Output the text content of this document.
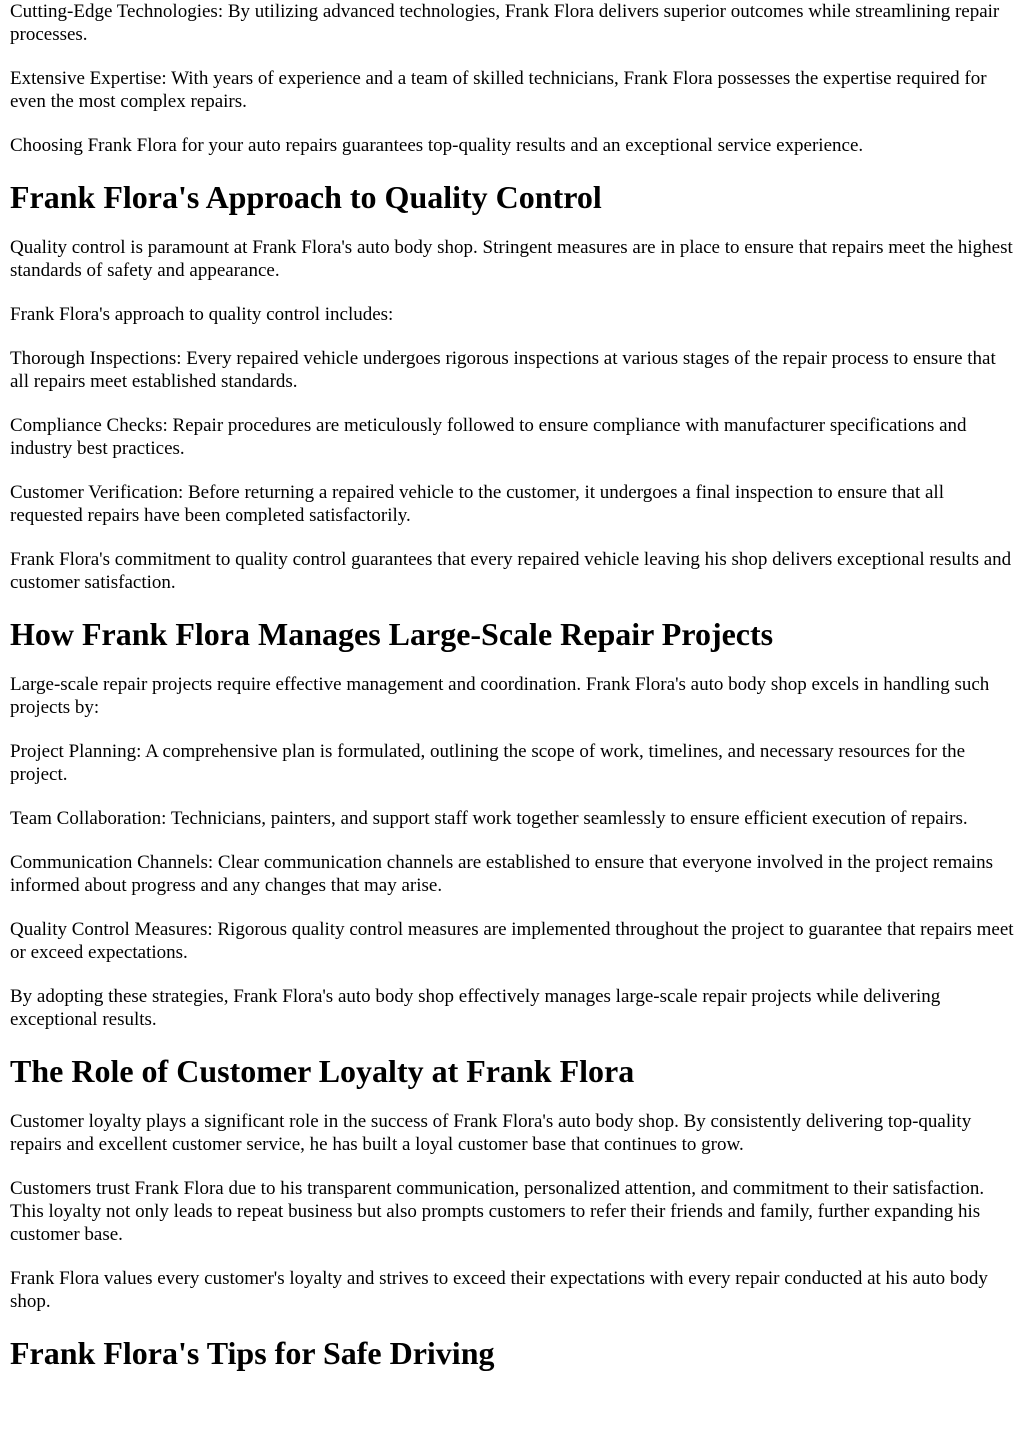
Cutting-Edge Technologies: By utilizing advanced technologies, Frank Flora delivers superior outcomes while streamlining repair processes.

Extensive Expertise: With years of experience and a team of skilled technicians, Frank Flora possesses the expertise required for even the most complex repairs.

Choosing Frank Flora for your auto repairs guarantees top-quality results and an exceptional service experience.

Frank Flora's Approach to Quality Control

Quality control is paramount at Frank Flora's auto body shop. Stringent measures are in place to ensure that repairs meet the highest standards of safety and appearance.

Frank Flora's approach to quality control includes:

Thorough Inspections: Every repaired vehicle undergoes rigorous inspections at various stages of the repair process to ensure that all repairs meet established standards.

Compliance Checks: Repair procedures are meticulously followed to ensure compliance with manufacturer specifications and industry best practices.

Customer Verification: Before returning a repaired vehicle to the customer, it undergoes a final inspection to ensure that all requested repairs have been completed satisfactorily.

Frank Flora's commitment to quality control guarantees that every repaired vehicle leaving his shop delivers exceptional results and customer satisfaction.

How Frank Flora Manages Large-Scale Repair Projects

Large-scale repair projects require effective management and coordination. Frank Flora's auto body shop excels in handling such projects by:

Project Planning: A comprehensive plan is formulated, outlining the scope of work, timelines, and necessary resources for the project.

Team Collaboration: Technicians, painters, and support staff work together seamlessly to ensure efficient execution of repairs.

Communication Channels: Clear communication channels are established to ensure that everyone involved in the project remains informed about progress and any changes that may arise.

Quality Control Measures: Rigorous quality control measures are implemented throughout the project to guarantee that repairs meet or exceed expectations.

By adopting these strategies, Frank Flora's auto body shop effectively manages large-scale repair projects while delivering exceptional results.

The Role of Customer Loyalty at Frank Flora

Customer loyalty plays a significant role in the success of Frank Flora's auto body shop. By consistently delivering top-quality repairs and excellent customer service, he has built a loyal customer base that continues to grow.

Customers trust Frank Flora due to his transparent communication, personalized attention, and commitment to their satisfaction. This loyalty not only leads to repeat business but also prompts customers to refer their friends and family, further expanding his customer base.

Frank Flora values every customer's loyalty and strives to exceed their expectations with every repair conducted at his auto body shop.

Frank Flora's Tips for Safe Driving
